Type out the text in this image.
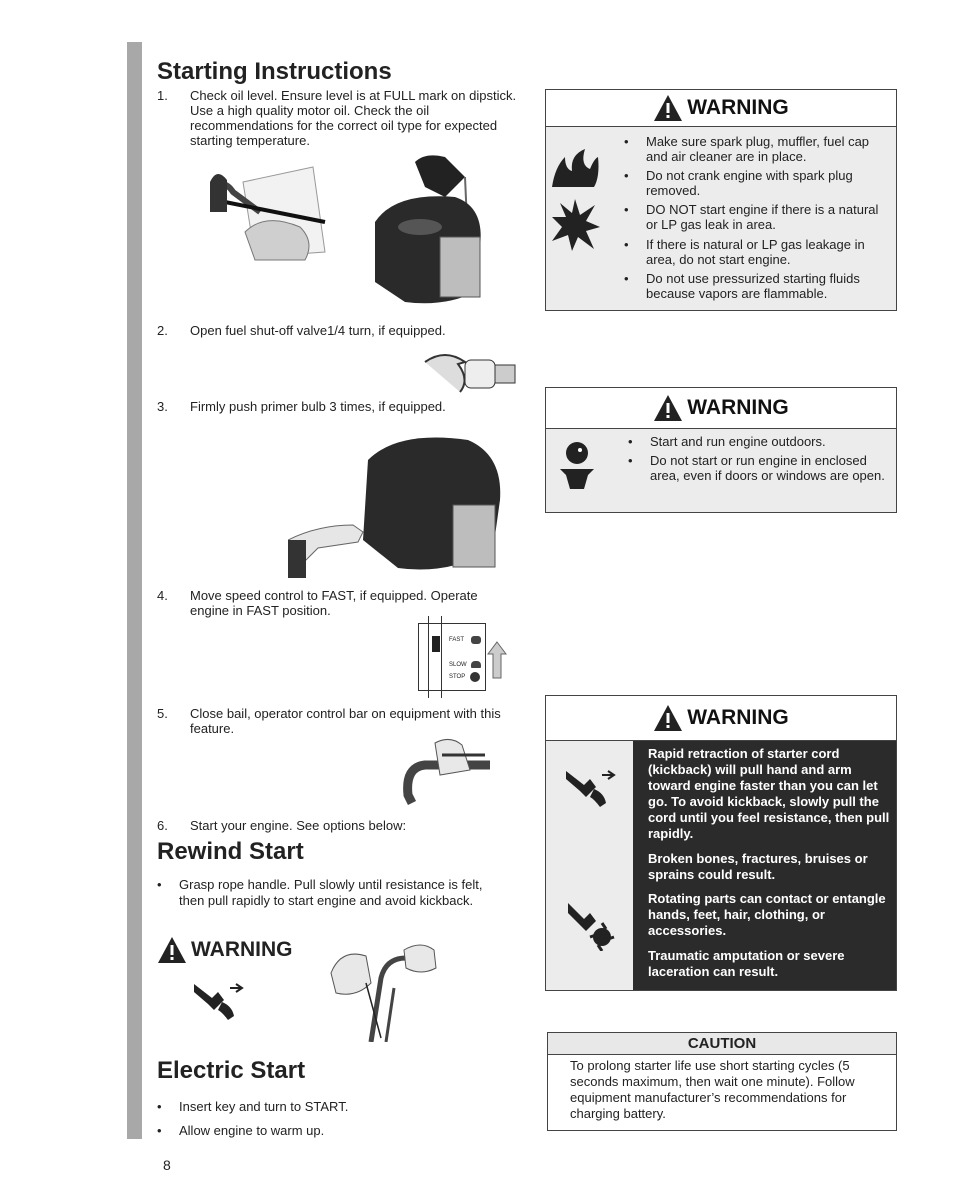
Starting Instructions
1. Check oil level. Ensure level is at FULL mark on dipstick. Use a high quality motor oil. Check the oil recommendations for the correct oil type for expected starting temperature.
2. Open fuel shut-off valve1/4 turn, if equipped.
3. Firmly push primer bulb 3 times, if equipped.
4. Move speed control to FAST, if equipped. Operate engine in FAST position.
FAST
SLOW
STOP
5. Close bail, operator control bar on equipment with this feature.
6. Start your engine. See options below:
Rewind Start
• Grasp rope handle. Pull slowly until resistance is felt, then pull rapidly to start engine and avoid kickback.
WARNING
Electric Start
• Insert key and turn to START.
• Allow engine to warm up.
8
WARNING
• Make sure spark plug, muffler, fuel cap and air cleaner are in place.
• Do not crank engine with spark plug removed.
• DO NOT start engine if there is a natural or LP gas leak in area.
• If there is natural or LP gas leakage in area, do not start engine.
• Do not use pressurized starting fluids because vapors are flammable.
WARNING
• Start and run engine outdoors.
• Do not start or run engine in enclosed area, even if doors or windows are open.
WARNING
Rapid retraction of starter cord (kickback) will pull hand and arm toward engine faster than you can let go. To avoid kickback, slowly pull the cord until you feel resistance, then pull rapidly.
Broken bones, fractures, bruises or sprains could result.
Rotating parts can contact or entangle hands, feet, hair, clothing, or accessories.
Traumatic amputation or severe laceration can result.
CAUTION
To prolong starter life use short starting cycles (5 seconds maximum, then wait one minute). Follow equipment manufacturer’s recommendations for charging battery.
